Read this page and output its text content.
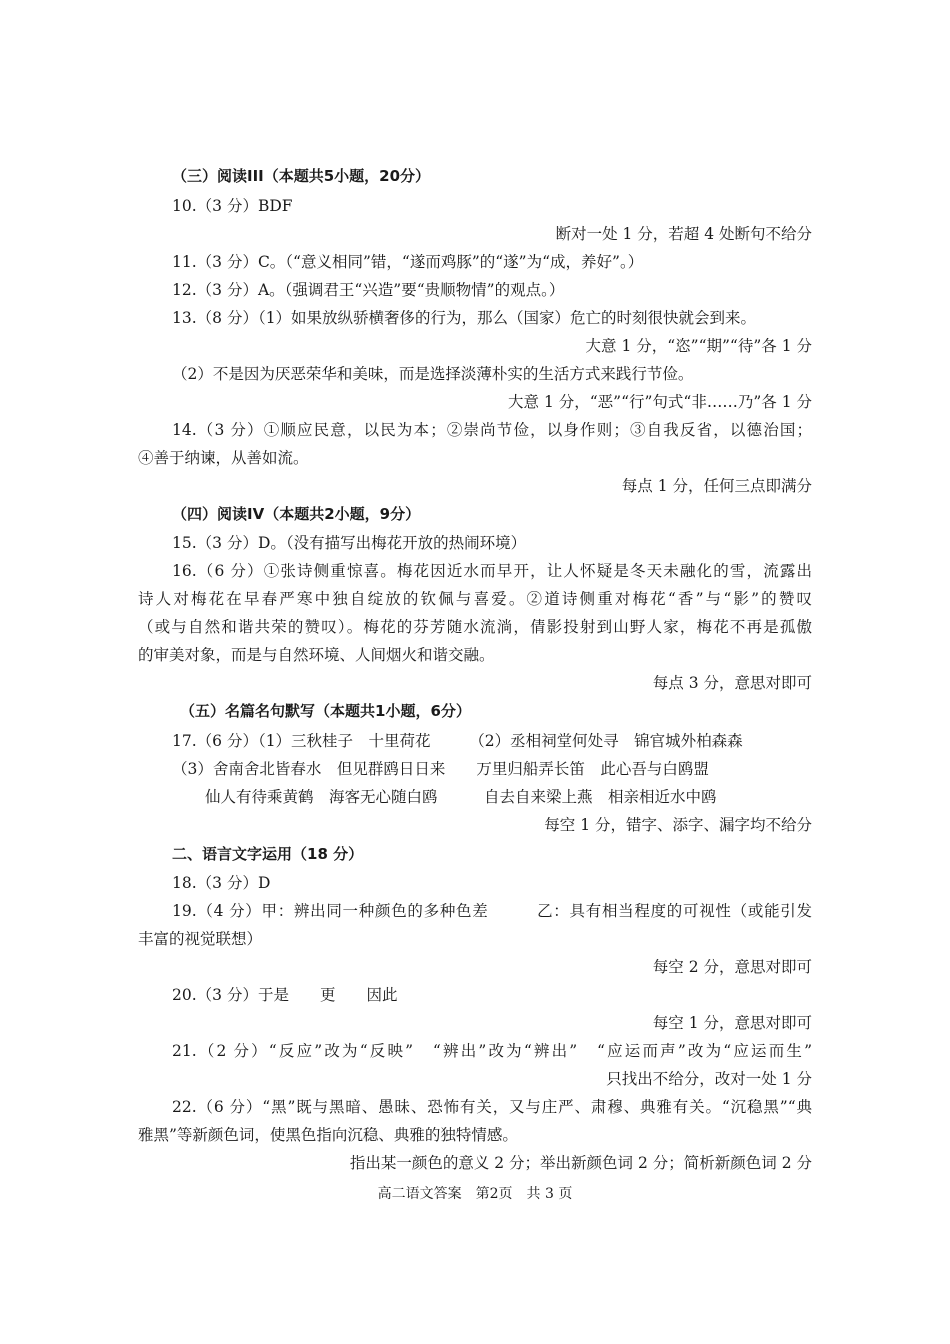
（三）阅读III（本题共5小题，20分）
10.（3 分）BDF
断对一处 1 分，若超 4 处断句不给分
11.（3 分）C。（“意义相同”错，“遂而鸡豚”的“遂”为“成，养好”。）
12.（3 分）A。（强调君王“兴造”要“贵顺物情”的观点。）
13.（8 分）（1）如果放纵骄横奢侈的行为，那么（国家）危亡的时刻很快就会到来。
大意 1 分，“恣”“期”“待”各 1 分
（2）不是因为厌恶荣华和美味，而是选择淡薄朴实的生活方式来践行节俭。
大意 1 分，“恶”“行”句式“非……乃”各 1 分
14.（3 分）①顺应民意，以民为本；②崇尚节俭，以身作则；③自我反省，以德治国；
④善于纳谏，从善如流。
每点 1 分，任何三点即满分
（四）阅读IV（本题共2小题，9分）
15.（3 分）D。（没有描写出梅花开放的热闹环境）
16.（6 分）①张诗侧重惊喜。梅花因近水而早开，让人怀疑是冬天未融化的雪，流露出
诗人对梅花在早春严寒中独自绽放的钦佩与喜爱。②道诗侧重对梅花“香”与“影”的赞叹
（或与自然和谐共荣的赞叹）。梅花的芬芳随水流淌，倩影投射到山野人家，梅花不再是孤傲
的审美对象，而是与自然环境、人间烟火和谐交融。
每点 3 分，意思对即可
（五）名篇名句默写（本题共1小题，6分）
17.（6 分）（1）三秋桂子　十里荷花　　　（2）丞相祠堂何处寻　锦官城外柏森森
（3）舍南舍北皆春水　但见群鸥日日来　　万里归船弄长笛　此心吾与白鸥盟
仙人有待乘黄鹤　海客无心随白鸥　　　自去自来梁上燕　相亲相近水中鸥
每空 1 分，错字、添字、漏字均不给分
二、语言文字运用（18 分）
18.（3 分）D
19.（4 分）甲：辨出同一种颜色的多种色差　　　乙：具有相当程度的可视性（或能引发
丰富的视觉联想）
每空 2 分，意思对即可
20.（3 分）于是　　更　　因此
每空 1 分，意思对即可
21.（2 分）“反应”改为“反映”　“辨出”改为“辨出”　“应运而声”改为“应运而生”
只找出不给分，改对一处 1 分
22.（6 分）“黑”既与黑暗、愚昧、恐怖有关，又与庄严、肃穆、典雅有关。“沉稳黑”“典
雅黑”等新颜色词，使黑色指向沉稳、典雅的独特情感。
指出某一颜色的意义 2 分；举出新颜色词 2 分；简析新颜色词 2 分
高二语文答案　第2页　共 3 页
